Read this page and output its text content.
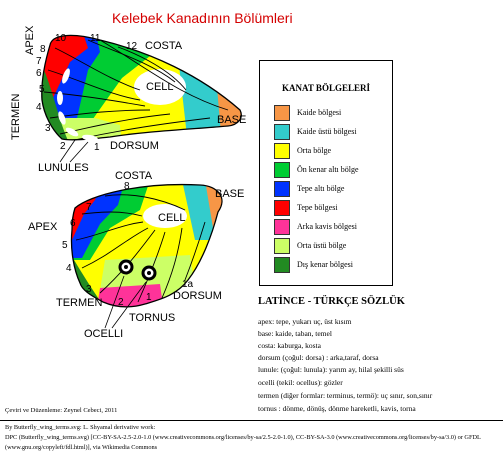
Kelebek Kanadının Bölümleri
APEX	COSTA
CELL
BASE
TERMEN
DORSUM
LUNULES
10 11
12
7
8
6
5
4
3
2	1
COSTA
BASE
CELL
APEX
TERMEN
OCELLI
TORNUS
DORSUM
8
7
6
5
4
3
2 1
1a
KANAT BÖLGELERİ
Kaide bölgesi
Kaide üstü bölgesi
Orta bölge
Ön kenar altı bölge
Tepe altı bölge
Tepe bölgesi
Arka kavis bölgesi
Orta üstü bölge
Dış kenar bölgesi
LATİNCE - TÜRKÇE SÖZLÜK
apex: tepe, yukarı uç, üst kısım
base: kaide, taban, temel
costa: kaburga, kosta
dorsum (çoğul: dorsa) : arka,taraf, dorsa
lunule: (çoğul: lunula): yarım ay, hilal şekilli süs
ocelli (tekil: ocellus): gözler
termen (diğer formlar: terminus, termö): uç sınır, son,sınır
tornus : dönme, dönüş, dönme hareketli, kavis, torna
Çeviri ve Düzenleme: Zeynel Cebeci, 2011
By Butterfly_wing_terms.svg: L. Shyamal derivative work:
DPC (Butterfly_wing_terms.svg) [CC-BY-SA-2.5-2.0-1.0 (www.creativecommons.org/licenses/by-sa/2.5-2.0-1.0), CC-BY-SA-3.0 (www.creativecommons.org/licenses/by-sa/3.0) or GFDL
(www.gnu.org/copyleft/fdl.html)], via Wikimedia Commons
